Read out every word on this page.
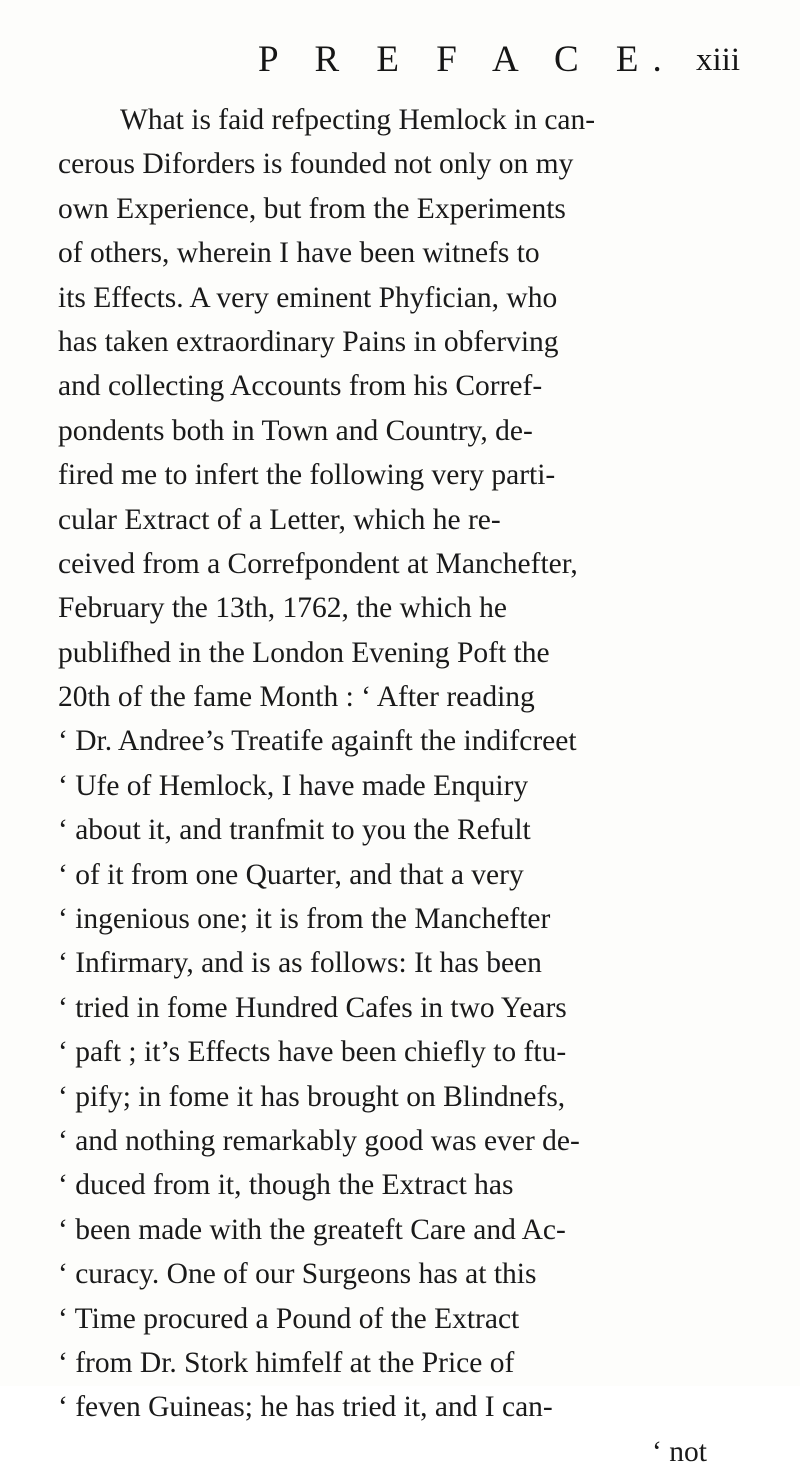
P R E F A C E. xiii
What is faid refpecting Hemlock in can-
cerous Diforders is founded not only on my
own Experience, but from the Experiments
of others, wherein I have been witnefs to
its Effects. A very eminent Phyfician, who
has taken extraordinary Pains in obferving
and collecting Accounts from his Corref-
pondents both in Town and Country, de-
fired me to infert the following very parti-
cular Extract of a Letter, which he re-
ceived from a Correfpondent at Manchefter,
February the 13th, 1762, the which he
publifhed in the London Evening Poft the
20th of the fame Month : ‘ After reading
‘ Dr. Andree’s Treatife againft the indifcreet
‘ Ufe of Hemlock, I have made Enquiry
‘ about it, and tranfmit to you the Refult
‘ of it from one Quarter, and that a very
‘ ingenious one; it is from the Manchefter
‘ Infirmary, and is as follows: It has been
‘ tried in fome Hundred Cafes in two Years
‘ paft ; it’s Effects have been chiefly to ftu-
‘ pify; in fome it has brought on Blindnefs,
‘ and nothing remarkably good was ever de-
‘ duced from it, though the Extract has
‘ been made with the greateft Care and Ac-
‘ curacy. One of our Surgeons has at this
‘ Time procured a Pound of the Extract
‘ from Dr. Stork himfelf at the Price of
‘ feven Guineas; he has tried it, and I can-
‘ not
